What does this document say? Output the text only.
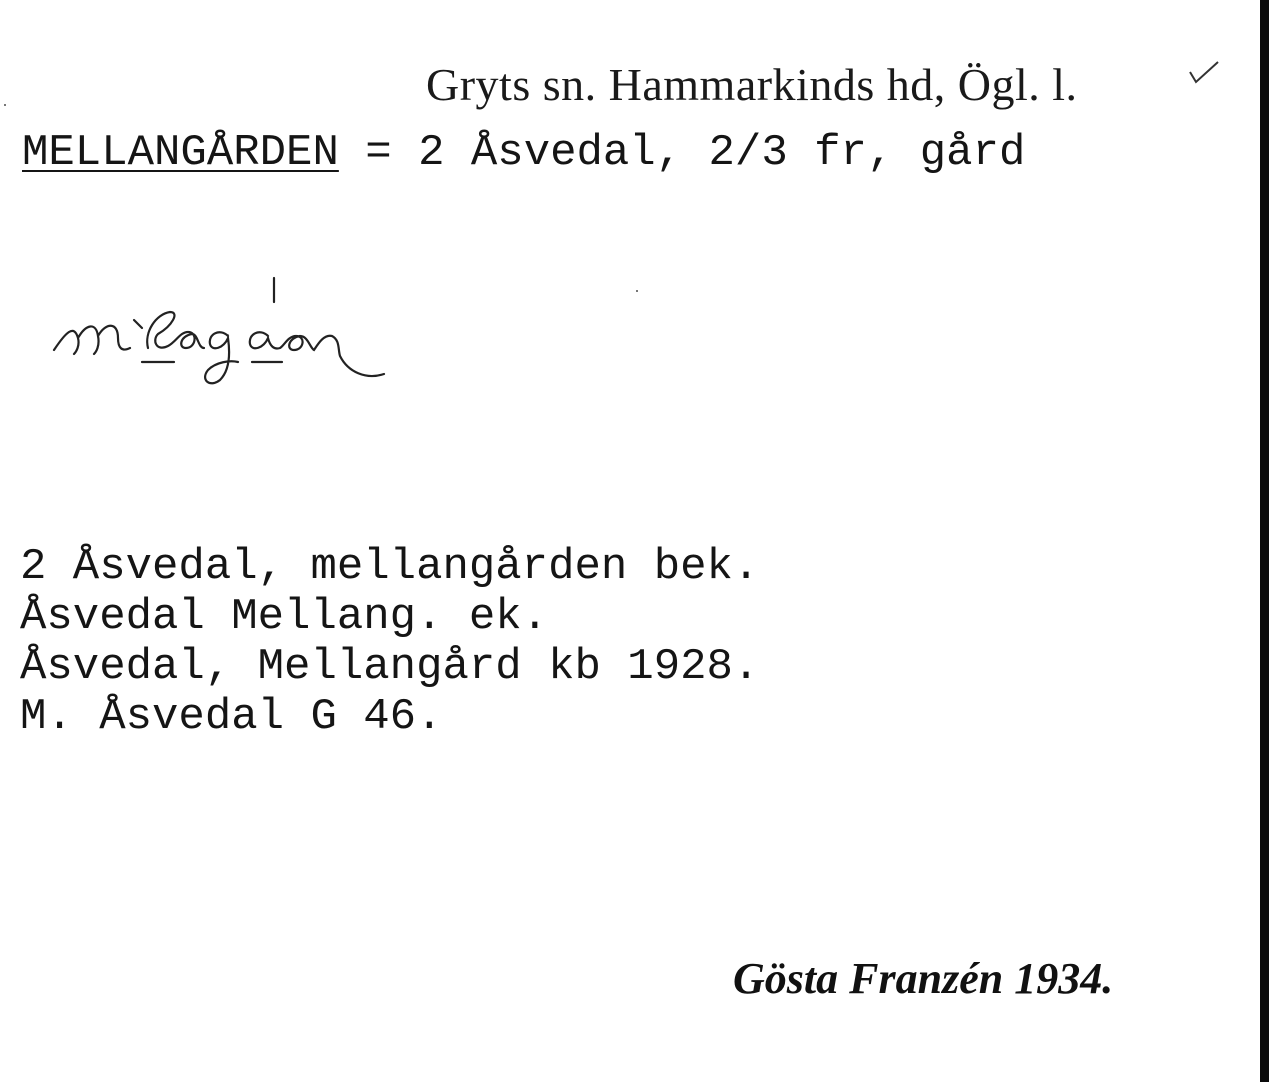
Gryts sn. Hammarkinds hd, Ögl. l.
MELLANGÅRDEN = 2 Åsvedal, 2/3 fr, gård
2 Åsvedal, mellangården bek.
Åsvedal Mellang. ek.
Åsvedal, Mellangård kb 1928.
M. Åsvedal G 46.
Gösta Franzén 1934.
